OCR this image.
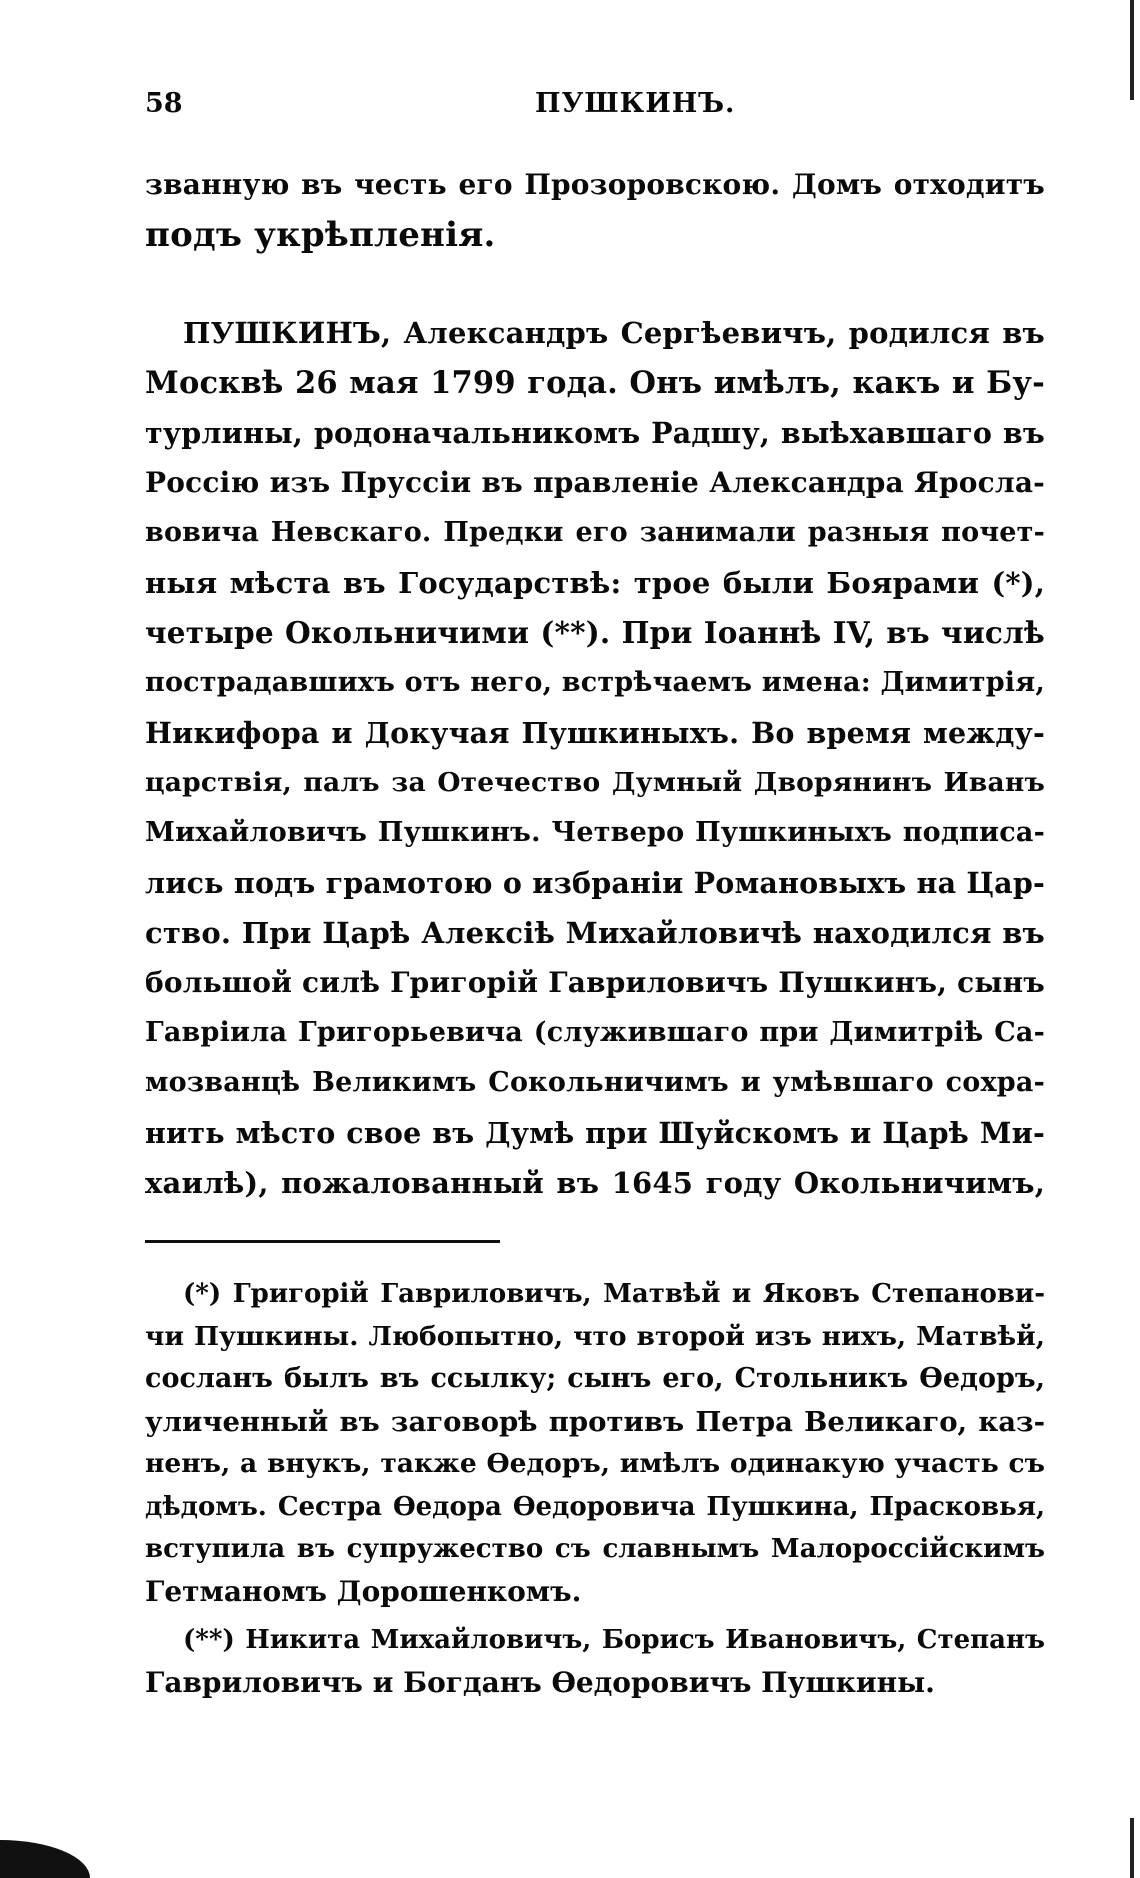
58	ПУШКИНЪ.
званную въ честь его Прозоровскою. Домъ отходитъ
подъ укрѣпленія.
ПУШКИНЪ, Александръ Сергѣевичъ, родился въ
Москвѣ 26 мая 1799 года. Онъ имѣлъ, какъ и Бу-
турлины, родоначальникомъ Радшу, выѣхавшаго въ
Россію изъ Пруссіи въ правленіе Александра Яросла-
вовича Невскаго. Предки его занимали разныя почет-
ныя мѣста въ Государствѣ: трое были Боярами (*),
четыре Окольничими (**). При Іоаннѣ IV, въ числѣ
пострадавшихъ отъ него, встрѣчаемъ имена: Димитрія,
Никифора и Докучая Пушкиныхъ. Во время между-
царствія, палъ за Отечество Думный Дворянинъ Иванъ
Михайловичъ Пушкинъ. Четверо Пушкиныхъ подписа-
лись подъ грамотою о избраніи Романовыхъ на Цар-
ство. При Царѣ Алексіѣ Михайловичѣ находился въ
большой силѣ Григорій Гавриловичъ Пушкинъ, сынъ
Гавріила Григорьевича (служившаго при Димитріѣ Са-
мозванцѣ Великимъ Сокольничимъ и умѣвшаго сохра-
нить мѣсто свое въ Думѣ при Шуйскомъ и Царѣ Ми-
хаилѣ), пожалованный въ 1645 году Окольничимъ,
(*) Григорій Гавриловичъ, Матвѣй и Яковъ Степанови-
чи Пушкины. Любопытно, что второй изъ нихъ, Матвѣй,
сосланъ былъ въ ссылку; сынъ его, Стольникъ Өедоръ,
уличенный въ заговорѣ противъ Петра Великаго, каз-
ненъ, а внукъ, также Өедоръ, имѣлъ одинакую участь съ
дѣдомъ. Сестра Өедора Өедоровича Пушкина, Прасковья,
вступила въ супружество съ славнымъ Малороссійскимъ
Гетманомъ Дорошенкомъ.
(**) Никита Михайловичъ, Борисъ Ивановичъ, Степанъ
Гавриловичъ и Богданъ Өедоровичъ Пушкины.
